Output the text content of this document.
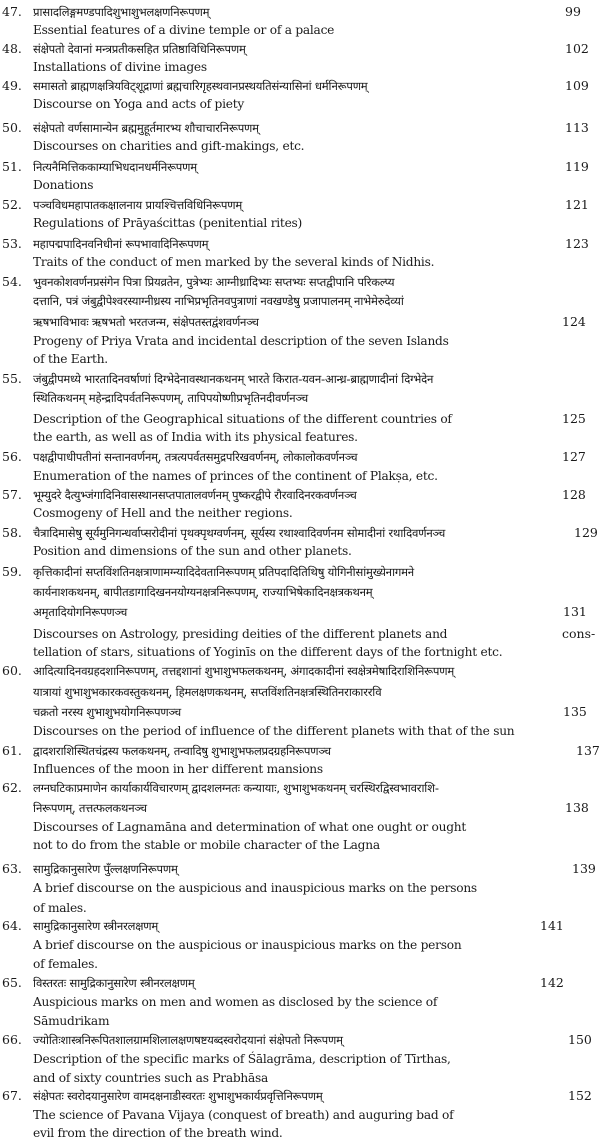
47. प्रासादलिङ्गमण्डपादिशुभाशुभलक्षणनिरूपणम्
Essential features of a divine temple or of a palace
99
48. संक्षेपतो देवानां मन्त्रप्रतीकसहित प्रतिष्ठाविधिनिरूपणम्
Installations of divine images
102
49. समासतो ब्राह्मणक्षत्रियविट्शूद्राणां ब्रह्मचारिगृहस्थवानप्रस्थयतिसंन्यासिनां धर्मनिरूपणम्
Discourse on Yoga and acts of piety
109
50. संक्षेपतो वर्णसामान्येन ब्रह्ममुहूर्तमारभ्य शौचाचारनिरूपणम्
Discourses on charities and gift-makings, etc.
113
51. नित्यनैमित्तिककाम्याभिधदानधर्मनिरूपणम्
Donations
119
52. पञ्चविधमहापातकक्षालनाय प्रायश्चित्तविधिनिरूपणम्
Regulations of Prāyaścittas (penitential rites)
121
53. महापद्मपादिनवनिधीनां रूपभावादिनिरूपणम्
Traits of the conduct of men marked by the several kinds of Nidhis.
123
54. भुवनकोशवर्णनप्रसंगेन पित्रा प्रियव्रतेन, पुत्रेभ्यः आग्नीध्रादिभ्यः सप्तभ्यः सप्तद्वीपानि परिकल्प्य
दत्तानि, पत्रं जंबुद्वीपेश्वरस्याग्नीध्रस्य नाभिप्रभृतिनवपुत्राणां नवखण्डेषु प्रजापालनम् नाभेमेरुदेव्यां
ऋषभाविभावः ऋषभतो भरतजन्म, संक्षेपतस्तद्वंशवर्णनञ्च
Progeny of Priya Vrata and incidental description of the seven Islands
of the Earth.
124
55. जंबुद्वीपमध्ये भारतादिनवर्षाणां दिग्भेदेनावस्थानकथनम् भारते किरात-यवन-आन्ध्र-ब्राह्मणादीनां दिग्भेदेन
स्थितिकथनम् महेन्द्रादिपर्वतनिरूपणम्, तापिपयोष्णीप्रभृतिनदीवर्णनञ्च
Description of the Geographical situations of the different countries of
the earth, as well as of India with its physical features.
125
56. पक्षद्वीपाधीपतीनां सन्तानवर्णनम्, तत्रत्यपर्वतसमुद्रपरिखवर्णनम्, लोकालोकवर्णनञ्च
Enumeration of the names of princes of the continent of Plakṣa, etc.
127
57. भूम्युदरे दैत्युभ्जंगादिनिवासस्थानसप्तपातालवर्णनम् पुष्करद्वीपे रौरवादिनरकवर्णनञ्च
Cosmogeny of Hell and the neither regions.
128
58. चैत्रादिमासेषु सूर्यमुनिगन्धर्वाप्सरोदीनां पृथक्पृथग्वर्णनम्, सूर्यस्य रथाश्वादिवर्णनम सोमादीनां रथादिवर्णनञ्च
Position and dimensions of the sun and other planets.
129
59. कृत्तिकादीनां सप्तविंशतिनक्षत्राणामग्न्यादिदेवतानिरूपणम् प्रतिपदादितिथिषु योगिनीसांमुख्येनागमने
कार्यनाशकथनम्, बापीतडागादिखननयोग्यनक्षत्रनिरूपणम्, राज्याभिषेकादिनक्षत्रकथनम्
अमृतादियोगनिरूपणञ्च
Discourses on Astrology, presiding deities of the different planets and
tellation of stars, situations of Yoginīs on the different days of the fortnight etc.
131
cons-
60. आदित्यादिनवग्रहदशानिरूपणम्, तत्तद्दशानां शुभाशुभफलकथनम्, अंगादकादीनां स्वक्षेत्रमेषादिराशिनिरूपणम्
यात्रायां शुभाशुभकारकवस्तुकथनम्, हिमलक्षणकथनम्, सप्तविंशतिनक्षत्रस्थितिनराकाररवि
चक्रतो नरस्य शुभाशुभयोगनिरूपणञ्च
Discourses on the period of influence of the different planets with that of the sun
135
61. द्वादशराशिस्थितचंद्रस्य फलकथनम्, तन्वादिषु शुभाशुभफलप्रदग्रहनिरूपणञ्च
Influences of the moon in her different mansions
137
62. लग्नघटिकाप्रमाणेन कार्याकार्यविचारणम् द्वादशलग्नतः कन्यायाः, शुभाशुभकथनम् चरस्थिरद्विस्वभावराशि-
निरूपणम्, तत्तत्फलकथनञ्च
Discourses of Lagnamāna and determination of what one ought or ought
not to do from the stable or mobile character of the Lagna
138
63. सामुद्रिकानुसारेण पुँल्लक्षणनिरूपणम्
A brief discourse on the auspicious and inauspicious marks on the persons
of males.
139
64. सामुद्रिकानुसारेण स्त्रीनरलक्षणम्
A brief discourse on the auspicious or inauspicious marks on the person
of females.
141
65. विस्तरतः सामुद्रिकानुसारेण स्त्रीनरलक्षणम्
Auspicious marks on men and women as disclosed by the science of
Sāmudrikam
142
66. ज्योतिःशास्त्रनिरूपितशालग्रामशिलालक्षणषष्टयब्दस्वरोदयानां संक्षेपतो निरूपणम्
Description of the specific marks of Śālagrāma, description of Tīrthas,
and of sixty countries such as Prabhāsa
150
67. संक्षेपतः स्वरोदयानुसारेण वामदक्षनाडीस्वरतः शुभाशुभकार्यप्रवृत्तिनिरूपणम्
The science of Pavana Vijaya (conquest of breath) and auguring bad of
evil from the direction of the breath wind.
152
